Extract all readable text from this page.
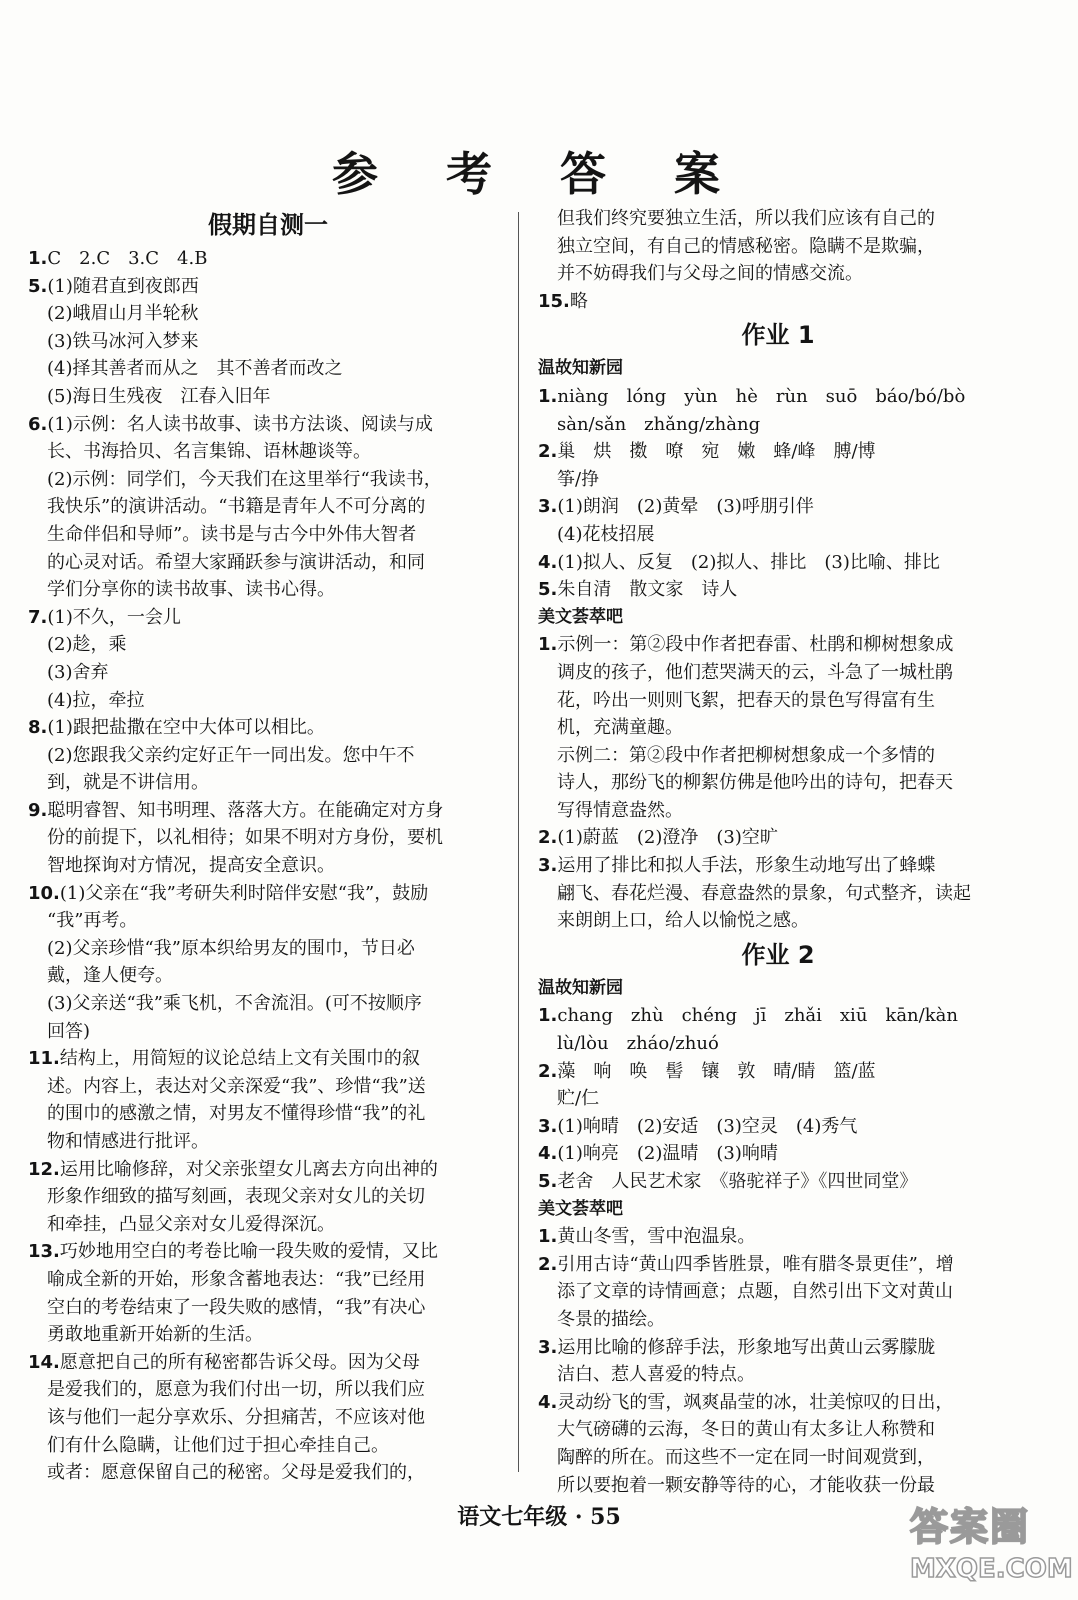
参 考 答 案
假期自测一
1.C　2.C　3.C　4.B
5.(1)随君直到夜郎西
(2)峨眉山月半轮秋
(3)铁马冰河入梦来
(4)择其善者而从之　其不善者而改之
(5)海日生残夜　江春入旧年
6.(1)示例：名人读书故事、读书方法谈、阅读与成
长、书海拾贝、名言集锦、语林趣谈等。
(2)示例：同学们，今天我们在这里举行“我读书，
我快乐”的演讲活动。“书籍是青年人不可分离的
生命伴侣和导师”。读书是与古今中外伟大智者
的心灵对话。希望大家踊跃参与演讲活动，和同
学们分享你的读书故事、读书心得。
7.(1)不久，一会儿
(2)趁，乘
(3)舍弃
(4)拉，牵拉
8.(1)跟把盐撒在空中大体可以相比。
(2)您跟我父亲约定好正午一同出发。您中午不
到，就是不讲信用。
9.聪明睿智、知书明理、落落大方。在能确定对方身
份的前提下，以礼相待；如果不明对方身份，要机
智地探询对方情况，提高安全意识。
10.(1)父亲在“我”考研失利时陪伴安慰“我”，鼓励
“我”再考。
(2)父亲珍惜“我”原本织给男友的围巾，节日必
戴，逢人便夸。
(3)父亲送“我”乘飞机，不舍流泪。(可不按顺序
回答)
11.结构上，用简短的议论总结上文有关围巾的叙
述。内容上，表达对父亲深爱“我”、珍惜“我”送
的围巾的感激之情，对男友不懂得珍惜“我”的礼
物和情感进行批评。
12.运用比喻修辞，对父亲张望女儿离去方向出神的
形象作细致的描写刻画，表现父亲对女儿的关切
和牵挂，凸显父亲对女儿爱得深沉。
13.巧妙地用空白的考卷比喻一段失败的爱情，又比
喻成全新的开始，形象含蓄地表达：“我”已经用
空白的考卷结束了一段失败的感情，“我”有决心
勇敢地重新开始新的生活。
14.愿意把自己的所有秘密都告诉父母。因为父母
是爱我们的，愿意为我们付出一切，所以我们应
该与他们一起分享欢乐、分担痛苦，不应该对他
们有什么隐瞒，让他们过于担心牵挂自己。
或者：愿意保留自己的秘密。父母是爱我们的，
但我们终究要独立生活，所以我们应该有自己的
独立空间，有自己的情感秘密。隐瞒不是欺骗，
并不妨碍我们与父母之间的情感交流。
15.略
作业 1
温故知新园
1.niàng　lóng　yùn　hè　rùn　suō　báo/bó/bò
sàn/sǎn　zhǎng/zhàng
2.巢　烘　擞　嘹　宛　嫩　蜂/峰　膊/博
筝/挣
3.(1)朗润　(2)黄晕　(3)呼朋引伴
(4)花枝招展
4.(1)拟人、反复　(2)拟人、排比　(3)比喻、排比
5.朱自清　散文家　诗人
美文荟萃吧
1.示例一：第②段中作者把春雷、杜鹃和柳树想象成
调皮的孩子，他们惹哭满天的云，斗急了一城杜鹃
花，吟出一则则飞絮，把春天的景色写得富有生
机，充满童趣。
示例二：第②段中作者把柳树想象成一个多情的
诗人，那纷飞的柳絮仿佛是他吟出的诗句，把春天
写得情意盎然。
2.(1)蔚蓝　(2)澄净　(3)空旷
3.运用了排比和拟人手法，形象生动地写出了蜂蝶
翩飞、春花烂漫、春意盎然的景象，句式整齐，读起
来朗朗上口，给人以愉悦之感。
作业 2
温故知新园
1.chang　zhù　chéng　jī　zhǎi　xiū　kān/kàn
lù/lòu　zháo/zhuó
2.藻　响　唤　髻　镶　敦　晴/睛　篮/蓝
贮/仁
3.(1)响晴　(2)安适　(3)空灵　(4)秀气
4.(1)响亮　(2)温晴　(3)响晴
5.老舍　人民艺术家　《骆驼祥子》《四世同堂》
美文荟萃吧
1.黄山冬雪，雪中泡温泉。
2.引用古诗“黄山四季皆胜景，唯有腊冬景更佳”，增
添了文章的诗情画意；点题，自然引出下文对黄山
冬景的描绘。
3.运用比喻的修辞手法，形象地写出黄山云雾朦胧
洁白、惹人喜爱的特点。
4.灵动纷飞的雪，飒爽晶莹的冰，壮美惊叹的日出，
大气磅礴的云海，冬日的黄山有太多让人称赞和
陶醉的所在。而这些不一定在同一时间观赏到，
所以要抱着一颗安静等待的心，才能收获一份最
语文七年级 · 55	答案圈
MXQE.COM
